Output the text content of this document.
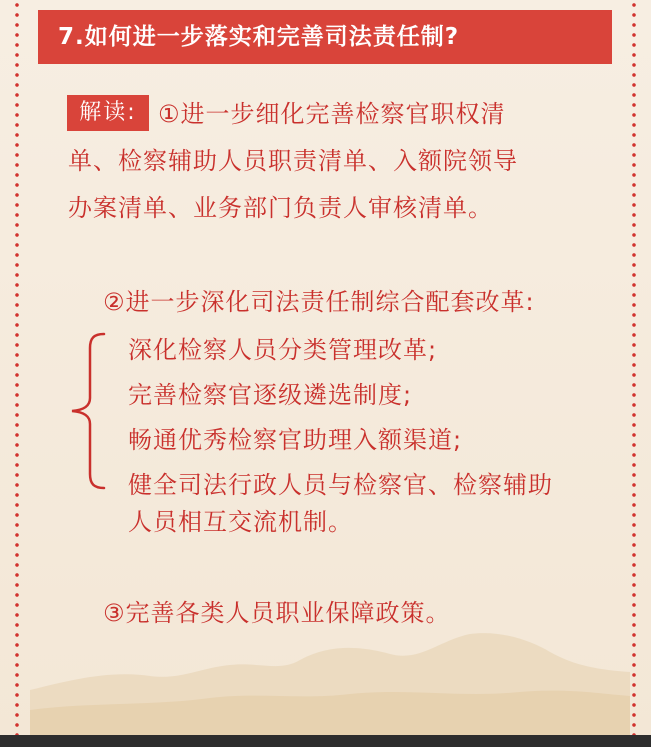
7.如何进一步落实和完善司法责任制?
解读: ①进一步细化完善检察官职权清
单、检察辅助人员职责清单、入额院领导
办案清单、业务部门负责人审核清单。
②进一步深化司法责任制综合配套改革:
深化检察人员分类管理改革;
完善检察官逐级遴选制度;
畅通优秀检察官助理入额渠道;
健全司法行政人员与检察官、检察辅助
人员相互交流机制。
③完善各类人员职业保障政策。
